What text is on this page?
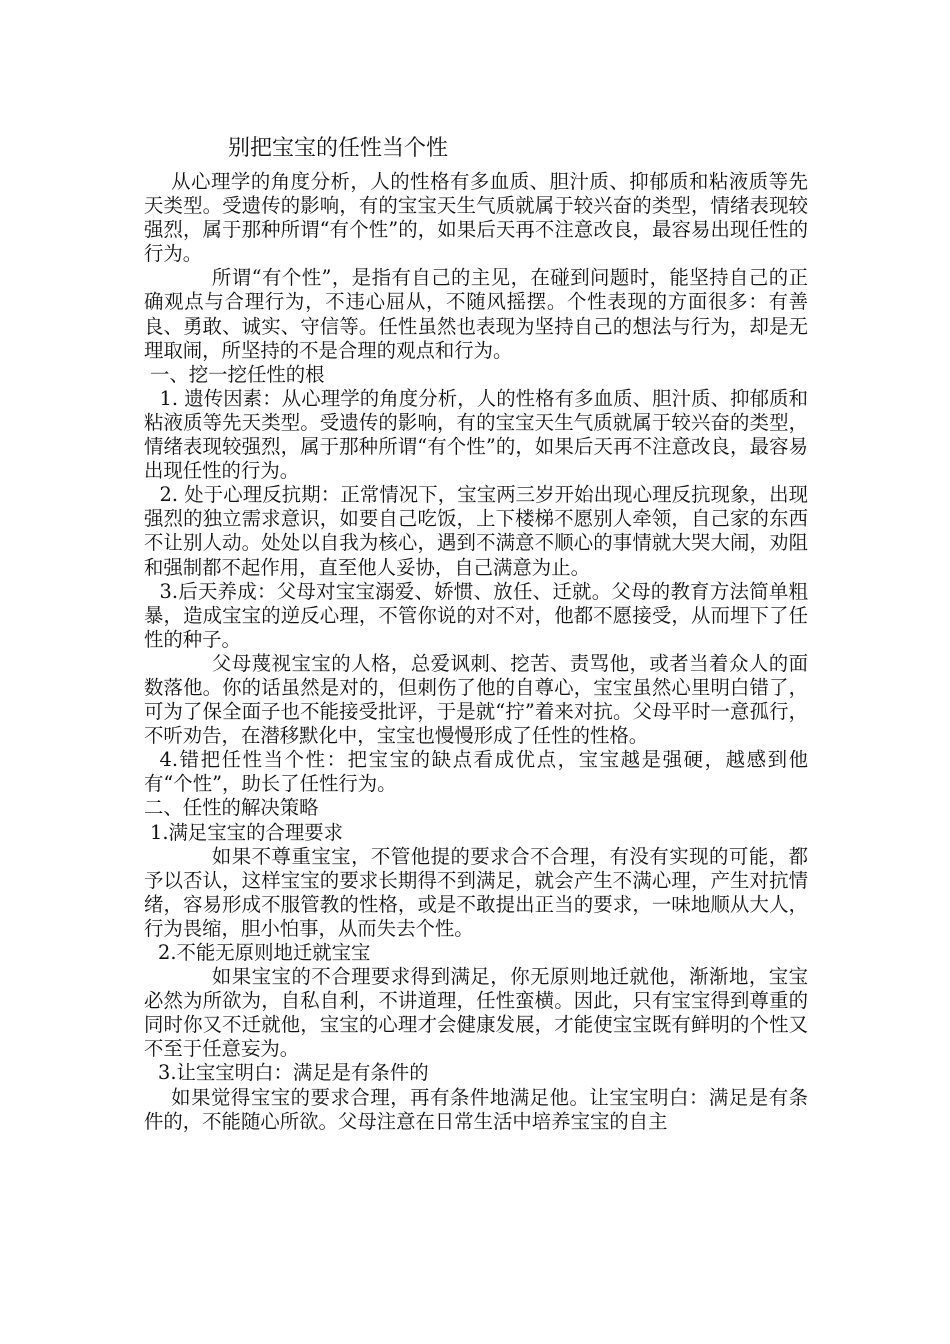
别把宝宝的任性当个性

从心理学的角度分析，人的性格有多血质、胆汁质、抑郁质和粘液质等先天类型。受遗传的影响，有的宝宝天生气质就属于较兴奋的类型，情绪表现较强烈，属于那种所谓“有个性”的，如果后天再不注意改良，最容易出现任性的行为。

所谓“有个性”，是指有自己的主见，在碰到问题时，能坚持自己的正确观点与合理行为，不违心屈从，不随风摇摆。个性表现的方面很多：有善良、勇敢、诚实、守信等。任性虽然也表现为坚持自己的想法与行为，却是无理取闹，所坚持的不是合理的观点和行为。

一、挖一挖任性的根

1. 遗传因素：从心理学的角度分析，人的性格有多血质、胆汁质、抑郁质和粘液质等先天类型。受遗传的影响，有的宝宝天生气质就属于较兴奋的类型，情绪表现较强烈，属于那种所谓“有个性”的，如果后天再不注意改良，最容易出现任性的行为。

2. 处于心理反抗期：正常情况下，宝宝两三岁开始出现心理反抗现象，出现强烈的独立需求意识，如要自己吃饭，上下楼梯不愿别人牵领，自己家的东西不让别人动。处处以自我为核心，遇到不满意不顺心的事情就大哭大闹，劝阻和强制都不起作用，直至他人妥协，自己满意为止。

3.后天养成：父母对宝宝溺爱、娇惯、放任、迁就。父母的教育方法简单粗暴，造成宝宝的逆反心理，不管你说的对不对，他都不愿接受，从而埋下了任性的种子。

父母蔑视宝宝的人格，总爱讽刺、挖苦、责骂他，或者当着众人的面数落他。你的话虽然是对的，但刺伤了他的自尊心，宝宝虽然心里明白错了，可为了保全面子也不能接受批评，于是就“拧”着来对抗。父母平时一意孤行，不听劝告，在潜移默化中，宝宝也慢慢形成了任性的性格。

4.错把任性当个性：把宝宝的缺点看成优点，宝宝越是强硬，越感到他有“个性”，助长了任性行为。

二、任性的解决策略

1.满足宝宝的合理要求

如果不尊重宝宝，不管他提的要求合不合理，有没有实现的可能，都予以否认，这样宝宝的要求长期得不到满足，就会产生不满心理，产生对抗情绪，容易形成不服管教的性格，或是不敢提出正当的要求，一味地顺从大人，行为畏缩，胆小怕事，从而失去个性。

2.不能无原则地迁就宝宝

如果宝宝的不合理要求得到满足，你无原则地迁就他，渐渐地，宝宝必然为所欲为，自私自利，不讲道理，任性蛮横。因此，只有宝宝得到尊重的同时你又不迁就他，宝宝的心理才会健康发展，才能使宝宝既有鲜明的个性又不至于任意妄为。

3.让宝宝明白：满足是有条件的

如果觉得宝宝的要求合理，再有条件地满足他。让宝宝明白：满足是有条件的，不能随心所欲。父母注意在日常生活中培养宝宝的自主
